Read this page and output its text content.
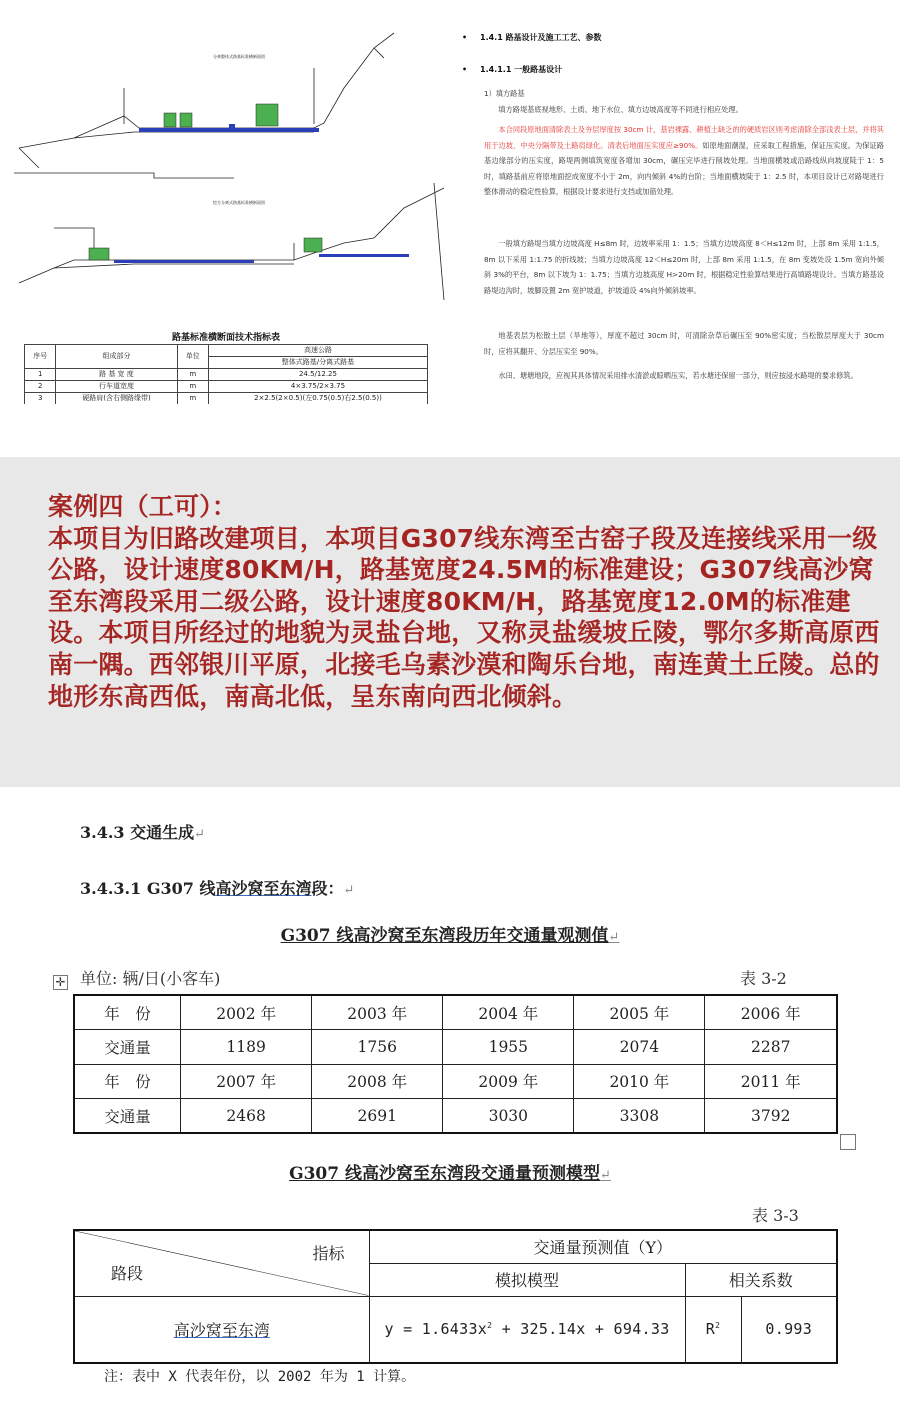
分离整体式路基标准横断面图
挖方分离式路基标准横断面图
路基标准横断面技术指标表
序号	组成部分	单位	高速公路
			整体式路基/分离式路基
1	路 基 宽 度	m	24.5/12.25
2	行车道宽度	m	4×3.75/2×3.75
3	硬路肩(含右侧路缘带)	m	2×2.5(2×0.5)(左0.75(0.5)右2.5(0.5))
• 1.4.1 路基设计及施工工艺、参数
• 1.4.1.1 一般路基设计
1）填方路基
填方路堤基底视地形、土质、地下水位、填方边坡高度等不同进行相应处理。
本合同段原地面清除表土及夯层厚度按 30cm 计，基岩裸露、耕植土缺乏的的硬质岩区则考虑清除全部浅表土层，并将其用于边坡、中央分隔带及土路肩绿化。清表后地面压实度应≥90%。如原地面潮湿，应采取工程措施，保证压实度。为保证路基边缘部分的压实度，路堤两侧填筑宽度各增加 30cm，碾压完毕进行削坡处理。当地面横坡或沿路线纵向坡度陡于 1：5 时，填路基前应将原地面挖成宽度不小于 2m，向内倾斜 4%的台阶；当地面横坡陡于 1：2.5 时，本项目设计已对路堤进行整体滑动的稳定性验算，根据设计要求进行支挡或加筋处理。
一般填方路堤当填方边坡高度 H≤8m 时，边坡率采用 1：1.5；当填方边坡高度 8＜H≤12m 时，上部 8m 采用 1:1.5，8m 以下采用 1:1.75 的折线坡；当填方边坡高度 12＜H≤20m 时，上部 8m 采用 1:1.5，在 8m 变坡处设 1.5m 宽向外倾斜 3%的平台，8m 以下坡为 1：1.75；当填方边坡高度 H>20m 时，根据稳定性验算结果进行高填路堤设计。当填方路基设路堤边沟时，坡脚设置 2m 宽护坡道，护坡道设 4%向外倾斜坡率。
地基表层为松散土层（旱地等），厚度不超过 30cm 时，可清除杂草后碾压至 90%密实度；当松散层厚度大于 30cm 时，应将其翻开、分层压实至 90%。
水田、塘塘地段，应视其具体情况采用排水清淤或晾晒压实，若水塘还保留一部分，则应按浸水路堤的要求修筑。

案例四（工可）：

本项目为旧路改建项目，本项目G307线东湾至古窑子段及连接线采用一级公路，设计速度80KM/H，路基宽度24.5M的标准建设；G307线高沙窝至东湾段采用二级公路，设计速度80KM/H，路基宽度12.0M的标准建设。本项目所经过的地貌为灵盐台地，又称灵盐缓坡丘陵，鄂尔多斯高原西南一隅。西邻银川平原，北接毛乌素沙漠和陶乐台地，南连黄土丘陵。总的地形东高西低，南高北低，呈东南向西北倾斜。

3.4.3 交通生成↵
3.4.3.1 G307 线高沙窝至东湾段：↵
G307 线高沙窝至东湾段历年交通量观测值↵
✛ 单位: 辆/日(小客车)	表 3-2
年　份	2002 年	2003 年	2004 年	2005 年	2006 年
交通量	1189	1756	1955	2074	2287
年　份	2007 年	2008 年	2009 年	2010 年	2011 年
交通量	2468	2691	3030	3308	3792
G307 线高沙窝至东湾段交通量预测模型↵
表 3-3
指标
路段	交通量预测值（Y）		
	模拟模型	相关系数	
高沙窝至东湾	$y = 1.6433x^2 + 325.14x + 694.33$	$R^2$	0.993
注：表中 X 代表年份，以 2002 年为 1 计算。
